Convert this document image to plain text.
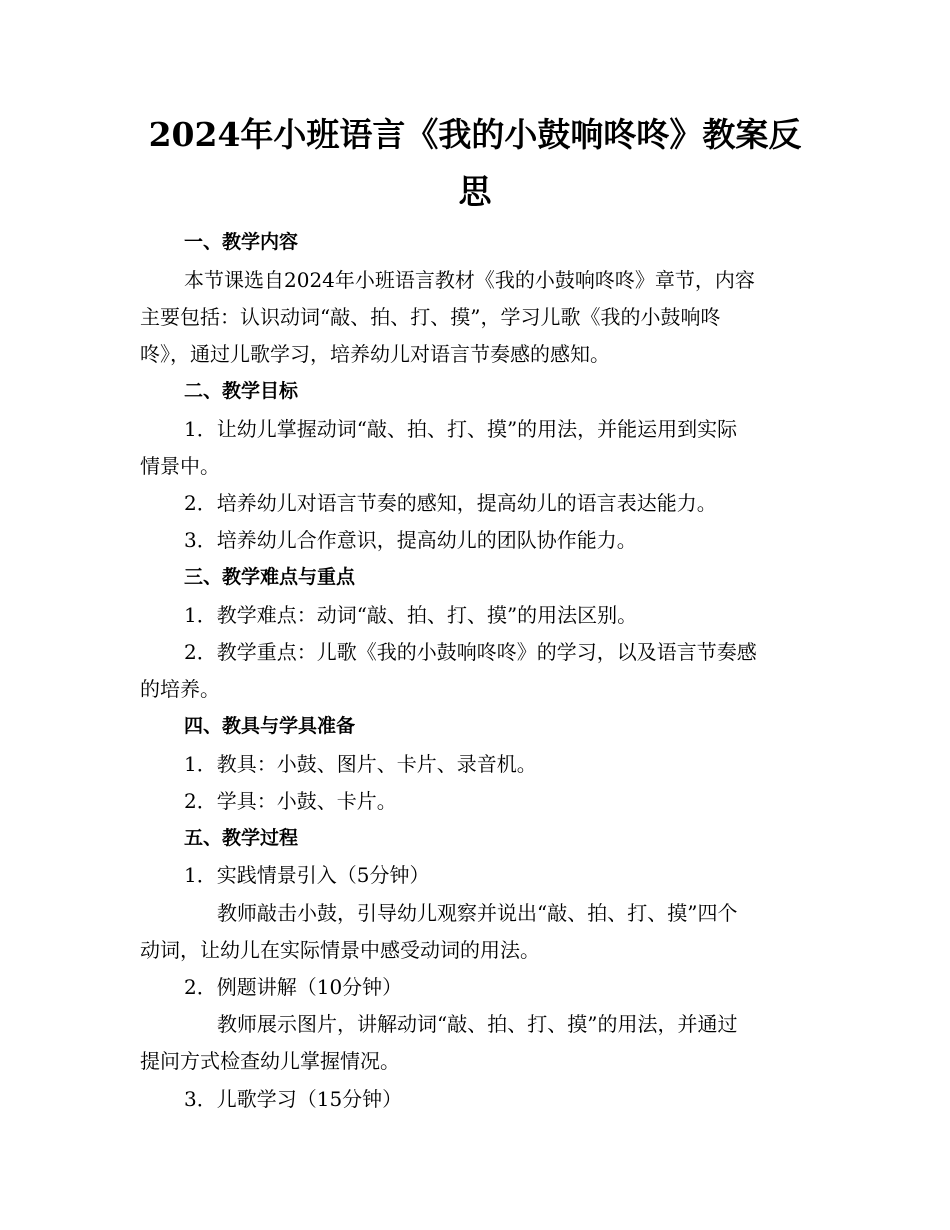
2024年小班语言《我的小鼓响咚咚》教案反思
一、教学内容
本节课选自2024年小班语言教材《我的小鼓响咚咚》章节，内容
主要包括：认识动词“敲、拍、打、摸”，学习儿歌《我的小鼓响咚
咚》，通过儿歌学习，培养幼儿对语言节奏感的感知。
二、教学目标
1．让幼儿掌握动词“敲、拍、打、摸”的用法，并能运用到实际
情景中。
2．培养幼儿对语言节奏的感知，提高幼儿的语言表达能力。
3．培养幼儿合作意识，提高幼儿的团队协作能力。
三、教学难点与重点
1．教学难点：动词“敲、拍、打、摸”的用法区别。
2．教学重点：儿歌《我的小鼓响咚咚》的学习，以及语言节奏感
的培养。
四、教具与学具准备
1．教具：小鼓、图片、卡片、录音机。
2．学具：小鼓、卡片。
五、教学过程
1．实践情景引入（5分钟）
教师敲击小鼓，引导幼儿观察并说出“敲、拍、打、摸”四个
动词，让幼儿在实际情景中感受动词的用法。
2．例题讲解（10分钟）
教师展示图片，讲解动词“敲、拍、打、摸”的用法，并通过
提问方式检查幼儿掌握情况。
3．儿歌学习（15分钟）
